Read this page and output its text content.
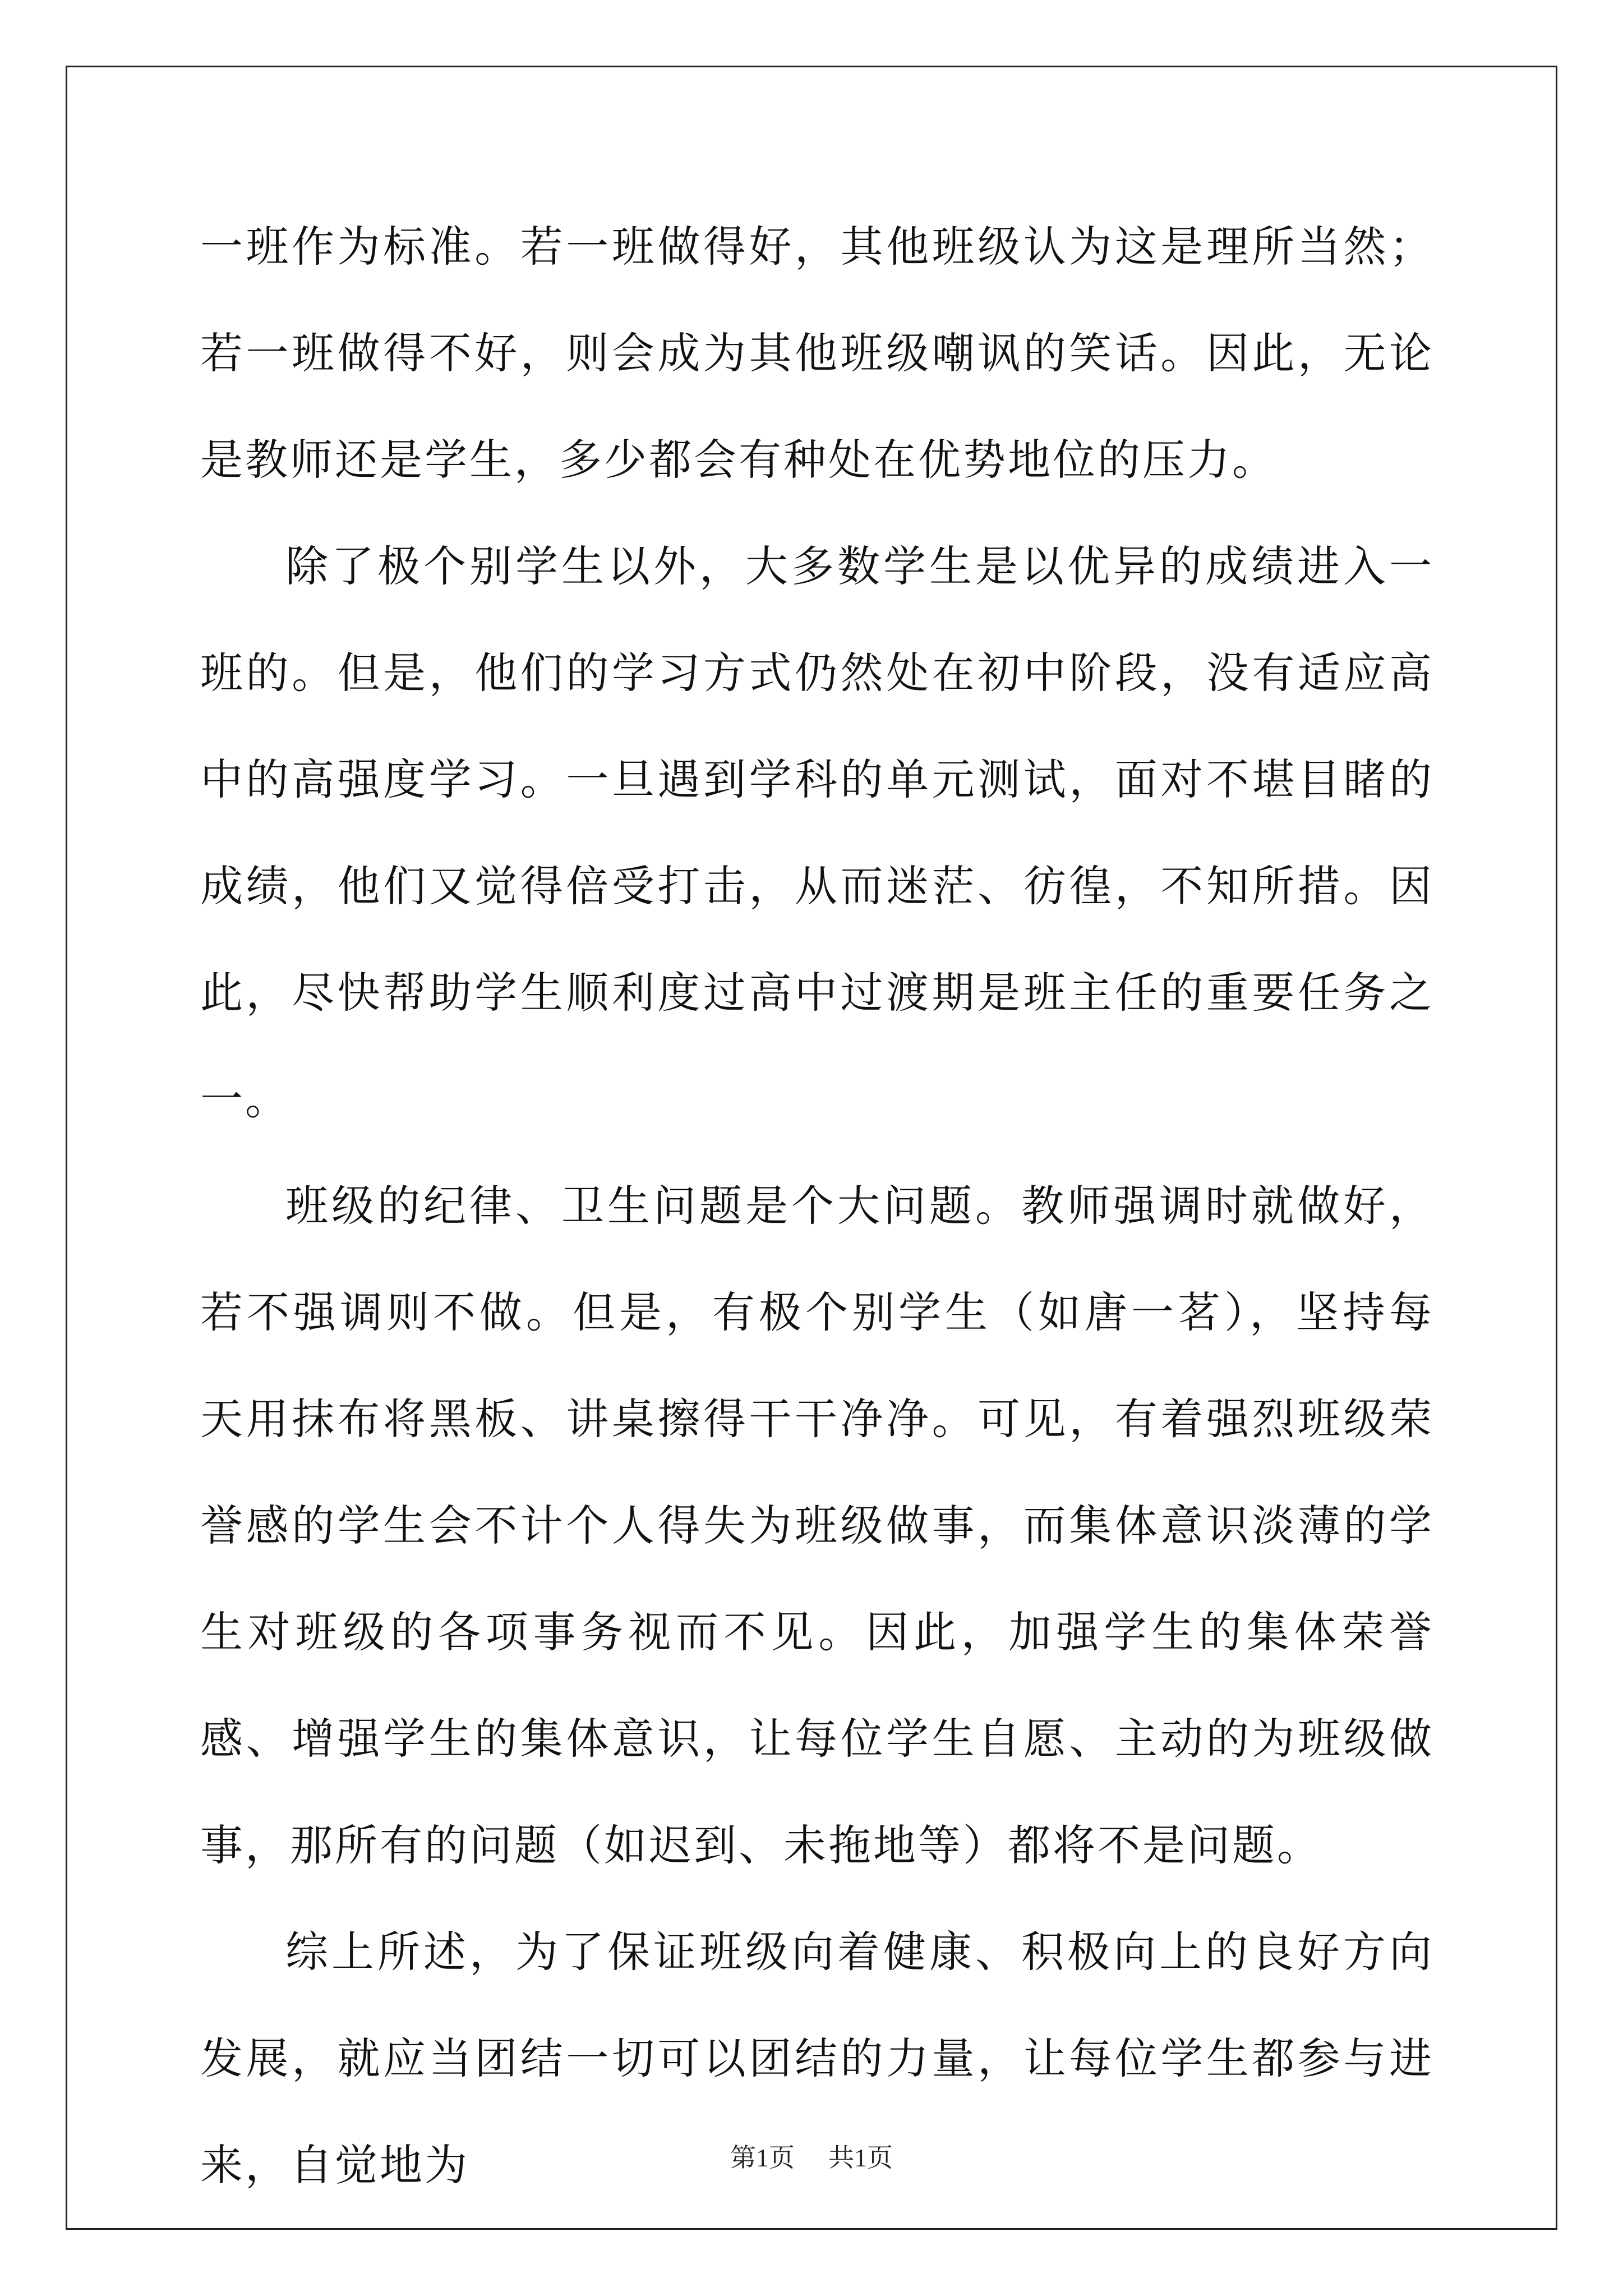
一班作为标准。若一班做得好，其他班级认为这是理所当然；若一班做得不好，则会成为其他班级嘲讽的笑话。因此，无论是教师还是学生，多少都会有种处在优势地位的压力。

除了极个别学生以外，大多数学生是以优异的成绩进入一班的。但是，他们的学习方式仍然处在初中阶段，没有适应高中的高强度学习。一旦遇到学科的单元测试，面对不堪目睹的成绩，他们又觉得倍受打击，从而迷茫、彷徨，不知所措。因此，尽快帮助学生顺利度过高中过渡期是班主任的重要任务之一。

班级的纪律、卫生问题是个大问题。教师强调时就做好，若不强调则不做。但是，有极个别学生（如唐一茗），坚持每天用抹布将黑板、讲桌擦得干干净净。可见，有着强烈班级荣誉感的学生会不计个人得失为班级做事，而集体意识淡薄的学生对班级的各项事务视而不见。因此，加强学生的集体荣誉感、增强学生的集体意识，让每位学生自愿、主动的为班级做事，那所有的问题（如迟到、未拖地等）都将不是问题。

综上所述，为了保证班级向着健康、积极向上的良好方向发展，就应当团结一切可以团结的力量，让每位学生都参与进来，自觉地为	第1页 共1页
